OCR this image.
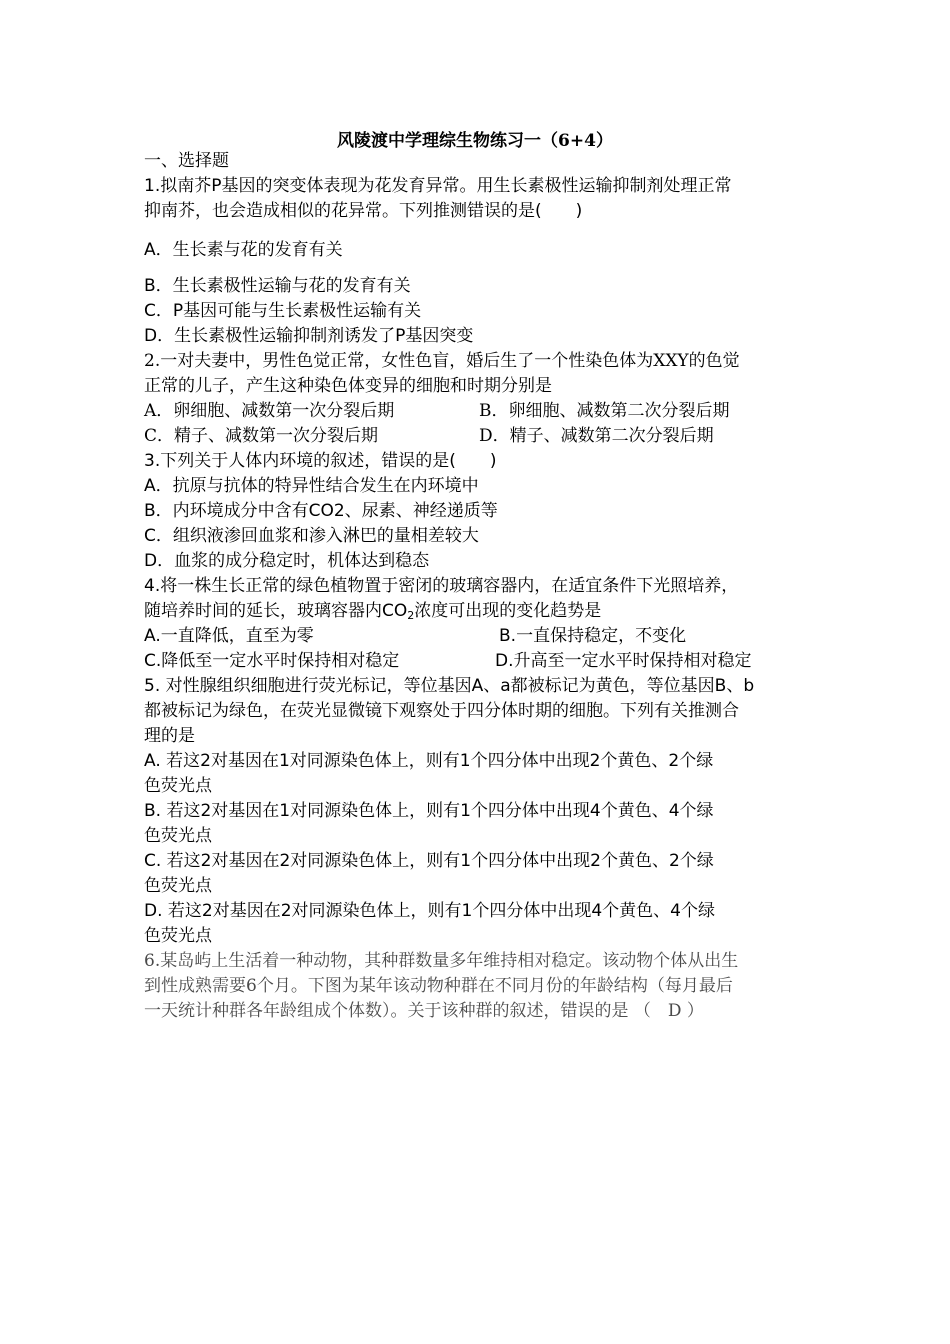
风陵渡中学理综生物练习一（6+4）
一、选择题
1.拟南芥P基因的突变体表现为花发育异常。用生长素极性运输抑制剂处理正常
抑南芥，也会造成相似的花异常。下列推测错误的是(　　)
A．生长素与花的发育有关
B．生长素极性运输与花的发育有关
C．P基因可能与生长素极性运输有关
D．生长素极性运输抑制剂诱发了P基因突变
2.一对夫妻中，男性色觉正常，女性色盲，婚后生了一个性染色体为XXY的色觉
正常的儿子，产生这种染色体变异的细胞和时期分别是
A．卵细胞、减数第一次分裂后期	B．卵细胞、减数第二次分裂后期
C．精子、减数第一次分裂后期	D．精子、减数第二次分裂后期
3.下列关于人体内环境的叙述，错误的是(　　)
A．抗原与抗体的特异性结合发生在内环境中
B．内环境成分中含有CO2、尿素、神经递质等
C．组织液渗回血浆和渗入淋巴的量相差较大
D．血浆的成分稳定时，机体达到稳态
4.将一株生长正常的绿色植物置于密闭的玻璃容器内，在适宜条件下光照培养，
随培养时间的延长，玻璃容器内$CO_2$浓度可出现的变化趋势是
A.一直降低，直至为零	B.一直保持稳定，不变化
C.降低至一定水平时保持相对稳定	D.升高至一定水平时保持相对稳定
5. 对性腺组织细胞进行荧光标记，等位基因A、a都被标记为黄色，等位基因B、b
都被标记为绿色，在荧光显微镜下观察处于四分体时期的细胞。下列有关推测合
理的是
A. 若这2对基因在1对同源染色体上，则有1个四分体中出现2个黄色、2个绿
色荧光点
B. 若这2对基因在1对同源染色体上，则有1个四分体中出现4个黄色、4个绿
色荧光点
C. 若这2对基因在2对同源染色体上，则有1个四分体中出现2个黄色、2个绿
色荧光点
D. 若这2对基因在2对同源染色体上，则有1个四分体中出现4个黄色、4个绿
色荧光点
6.某岛屿上生活着一种动物，其种群数量多年维持相对稳定。该动物个体从出生
到性成熟需要6个月。下图为某年该动物种群在不同月份的年龄结构（每月最后
一天统计种群各年龄组成个体数）。关于该种群的叙述，错误的是 （　D ）
